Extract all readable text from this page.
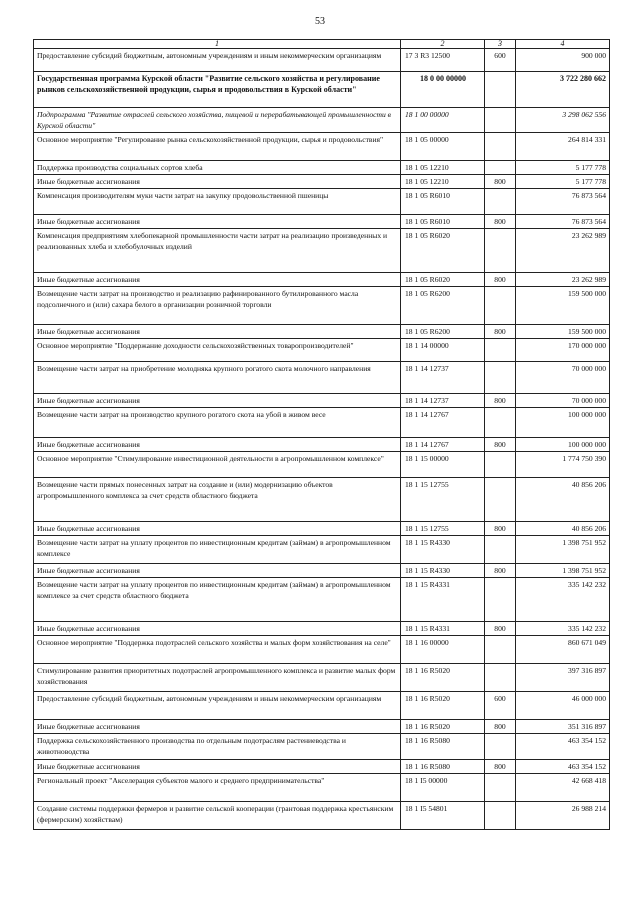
53
1	2	3	4
Предоставление субсидий бюджетным, автономным учреждениям и иным некоммерческим организациям	17 3 R3 12500	600	900 000
Государственная программа Курской области "Развитие сельского хозяйства и регулирование рынков сельскохозяйственной продукции, сырья и продовольствия в Курской области"	18 0 00 00000		3 722 280 662
Подпрограмма "Развитие отраслей сельского хозяйства, пищевой и перерабатывающей промышленности в Курской области"	18 1 00 00000		3 298 062 556
Основное мероприятие "Регулирование рынка сельскохозяйственной продукции, сырья и продовольствия"	18 1 05 00000		264 814 331
Поддержка производства социальных сортов хлеба	18 1 05 12210		5 177 778
Иные бюджетные ассигнования	18 1 05 12210	800	5 177 778
Компенсация производителям муки части затрат на закупку продовольственной пшеницы	18 1 05 R6010		76 873 564
Иные бюджетные ассигнования	18 1 05 R6010	800	76 873 564
Компенсация предприятиям хлебопекарной промышленности части затрат на реализацию произведенных и реализованных хлеба и хлебобулочных изделий	18 1 05 R6020		23 262 989
Иные бюджетные ассигнования	18 1 05 R6020	800	23 262 989
Возмещение части затрат на производство и реализацию рафинированного бутилированного масла подсолнечного и (или) сахара белого в организации розничной торговли	18 1 05 R6200		159 500 000
Иные бюджетные ассигнования	18 1 05 R6200	800	159 500 000
Основное мероприятие "Поддержание доходности сельскохозяйственных товаропроизводителей"	18 1 14 00000		170 000 000
Возмещение части затрат на приобретение молодняка крупного рогатого скота молочного направления	18 1 14 12737		70 000 000
Иные бюджетные ассигнования	18 1 14 12737	800	70 000 000
Возмещение части затрат на производство крупного рогатого скота на убой в живом весе	18 1 14 12767		100 000 000
Иные бюджетные ассигнования	18 1 14 12767	800	100 000 000
Основное мероприятие "Стимулирование инвестиционной деятельности в агропромышленном комплексе"	18 1 15 00000		1 774 750 390
Возмещение части прямых понесенных затрат на создание и (или) модернизацию объектов агропромышленного комплекса за счет средств областного бюджета	18 1 15 12755		40 856 206
Иные бюджетные ассигнования	18 1 15 12755	800	40 856 206
Возмещение части затрат на уплату процентов по инвестиционным кредитам (займам) в агропромышленном комплексе	18 1 15 R4330		1 398 751 952
Иные бюджетные ассигнования	18 1 15 R4330	800	1 398 751 952
Возмещение части затрат на уплату процентов по инвестиционным кредитам (займам) в агропромышленном комплексе за счет средств областного бюджета	18 1 15 R4331		335 142 232
Иные бюджетные ассигнования	18 1 15 R4331	800	335 142 232
Основное мероприятие "Поддержка подотраслей сельского хозяйства и малых форм хозяйствования на селе"	18 1 16 00000		860 671 049
Стимулирование развития приоритетных подотраслей агропромышленного комплекса и развитие малых форм хозяйствования	18 1 16 R5020		397 316 897
Предоставление субсидий бюджетным, автономным учреждениям и иным некоммерческим организациям	18 1 16 R5020	600	46 000 000
Иные бюджетные ассигнования	18 1 16 R5020	800	351 316 897
Поддержка сельскохозяйственного производства по отдельным подотраслям растениеводства и животноводства	18 1 16 R5080		463 354 152
Иные бюджетные ассигнования	18 1 16 R5080	800	463 354 152
Региональный проект "Акселерация субъектов малого и среднего предпринимательства"	18 1 I5 00000		42 668 418
Создание системы поддержки фермеров и развитие сельской кооперации (грантовая поддержка крестьянским (фермерским) хозяйствам)	18 1 I5 54801		26 988 214
